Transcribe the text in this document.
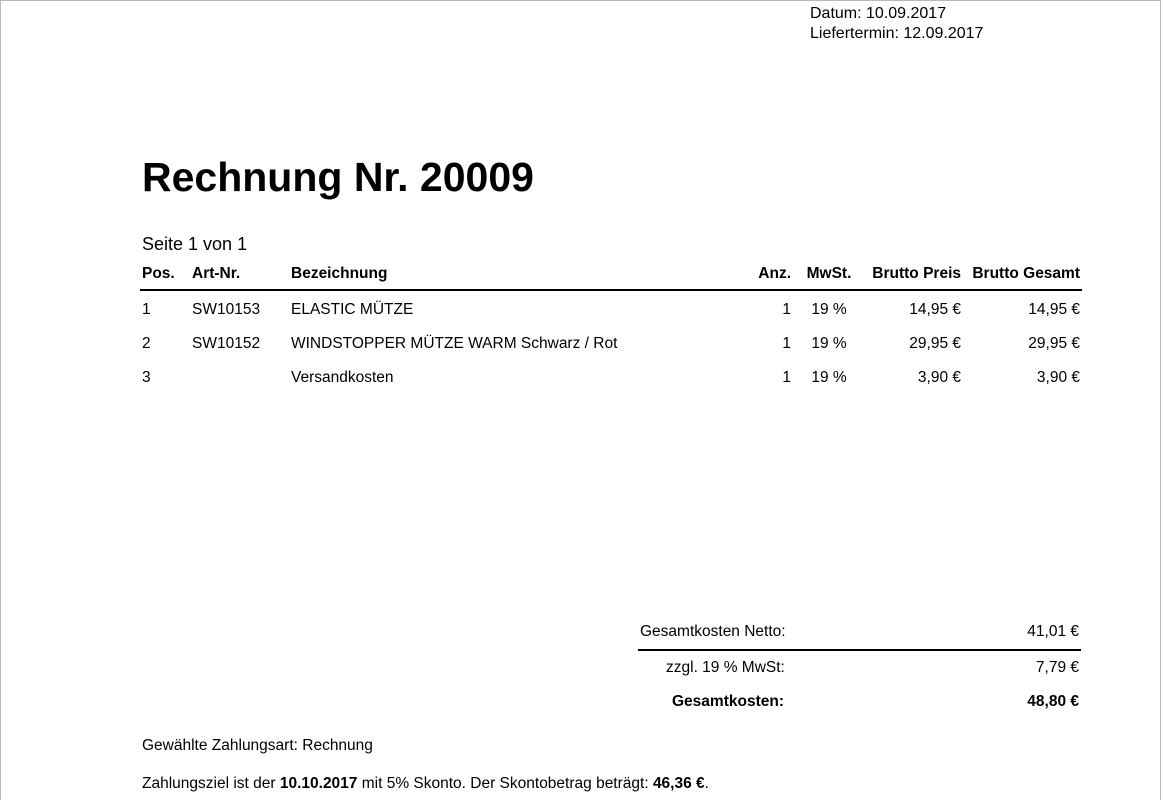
Datum: 10.09.2017
Liefertermin: 12.09.2017
Rechnung Nr. 20009
Seite 1 von 1
Pos.	Art-Nr.	Bezeichnung	Anz.	MwSt.	Brutto Preis	Brutto Gesamt
1	SW10153	ELASTIC MÜTZE	1	19 %	14,95 €	14,95 €
2	SW10152	WINDSTOPPER MÜTZE WARM Schwarz / Rot	1	19 %	29,95 €	29,95 €
3		Versandkosten	1	19 %	3,90 €	3,90 €
Gesamtkosten Netto:	41,01 €
zzgl. 19 % MwSt:	7,79 €
Gesamtkosten:	48,80 €
Gewählte Zahlungsart: Rechnung
Zahlungsziel ist der 10.10.2017 mit 5% Skonto. Der Skontobetrag beträgt: 46,36 €.
